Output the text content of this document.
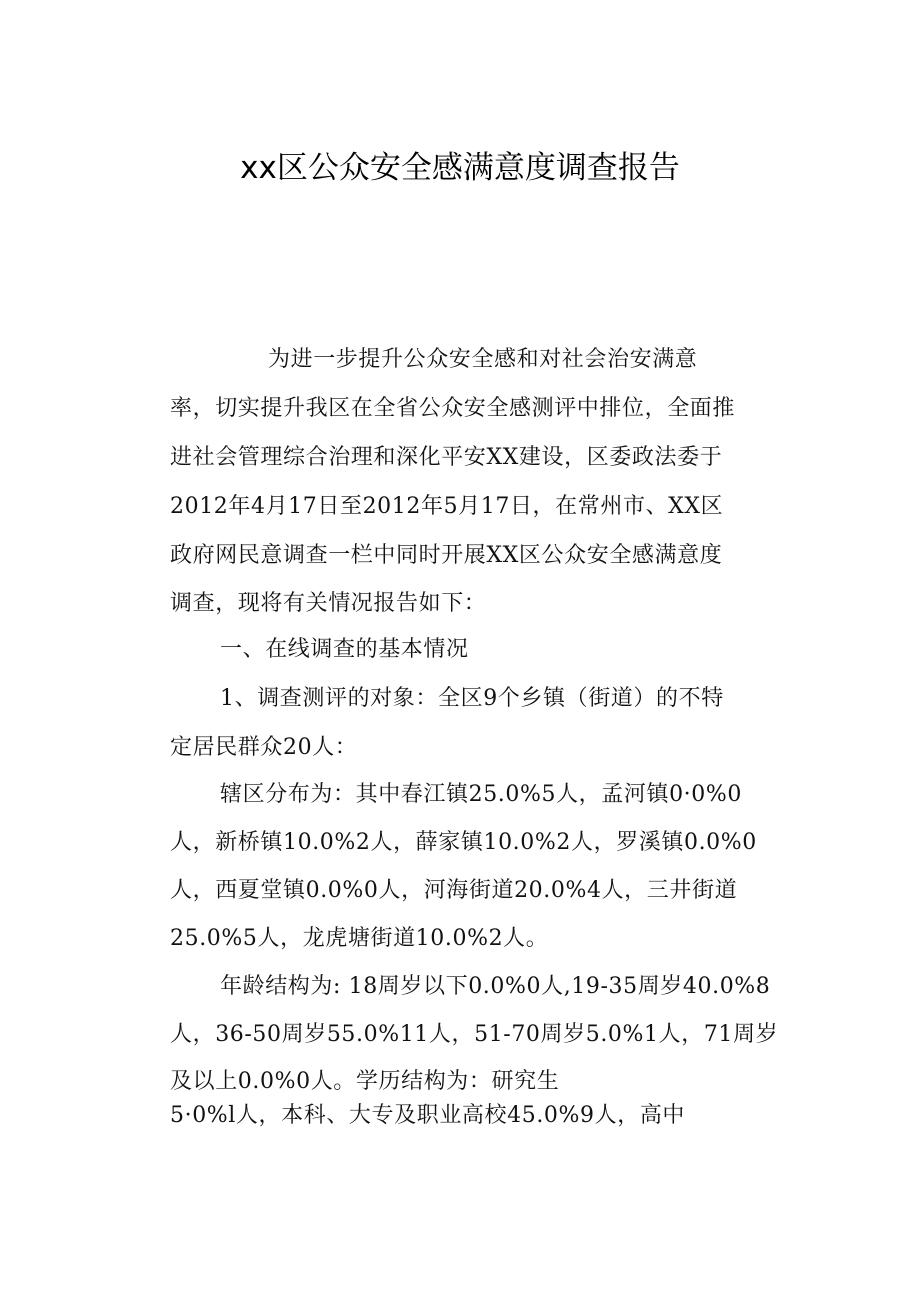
xx区公众安全感满意度调查报告
为进一步提升公众安全感和对社会治安满意
率，切实提升我区在全省公众安全感测评中排位，全面推
进社会管理综合治理和深化平安XX建设，区委政法委于
2012年4月17日至2012年5月17日，在常州市、XX区
政府网民意调查一栏中同时开展XX区公众安全感满意度
调查，现将有关情况报告如下：
一、在线调查的基本情况
1、调查测评的对象：全区9个乡镇（街道）的不特
定居民群众20人：
辖区分布为：其中春江镇25.0%5人，孟河镇0·0%0
人，新桥镇10.0%2人，薛家镇10.0%2人，罗溪镇0.0%0
人，西夏堂镇0.0%0人，河海街道20.0%4人，三井街道
25.0%5人，龙虎塘街道10.0%2人。
年龄结构为: 18周岁以下0.0%0人,19-35周岁40.0%8
人，36-50周岁55.0%11人，51-70周岁5.0%1人，71周岁
及以上0.0%0人。学历结构为：研究生
5·0%l人，本科、大专及职业高校45.0%9人，高中
